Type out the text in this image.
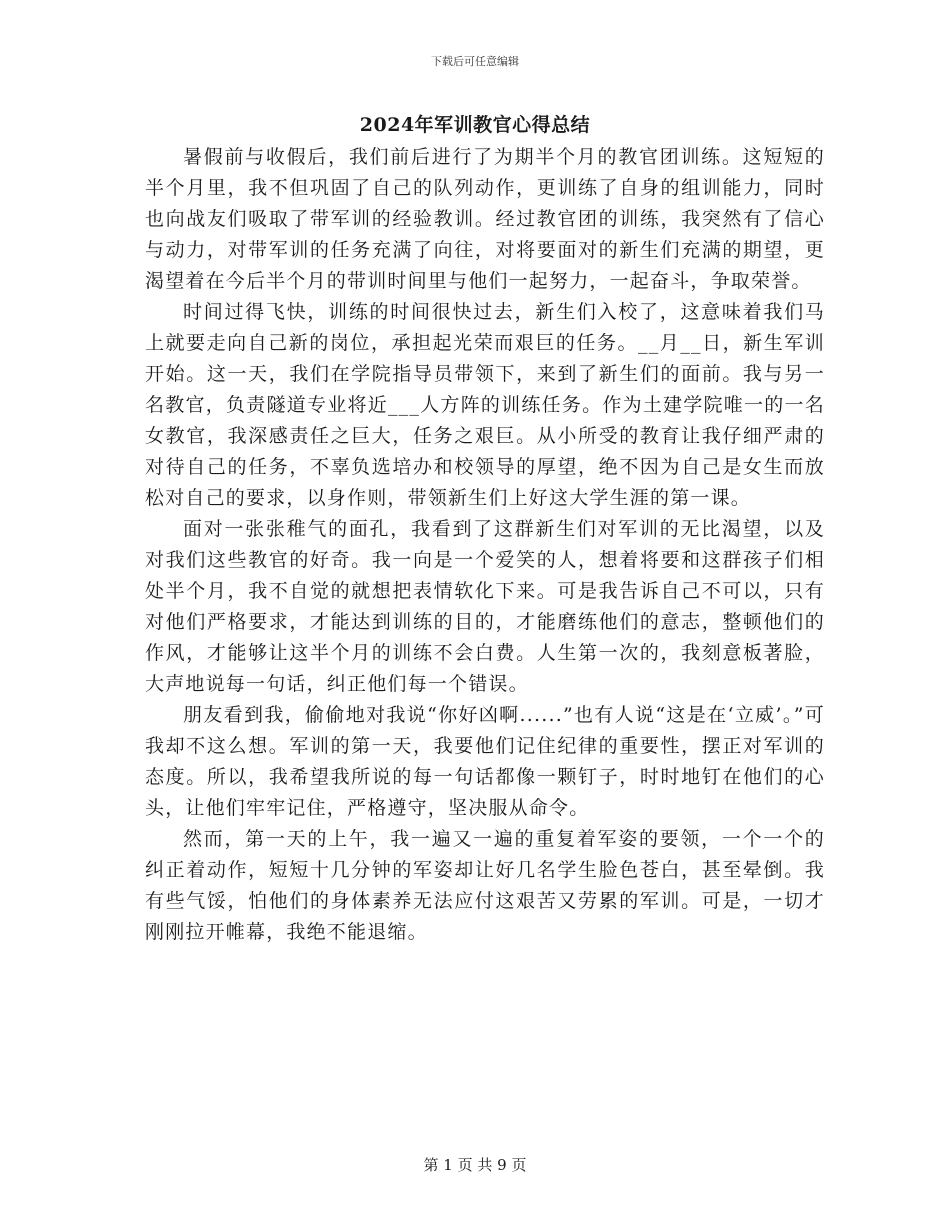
下载后可任意编辑
2024年军训教官心得总结

暑假前与收假后，我们前后进行了为期半个月的教官团训练。这短短的半个月里，我不但巩固了自己的队列动作，更训练了自身的组训能力，同时也向战友们吸取了带军训的经验教训。经过教官团的训练，我突然有了信心与动力，对带军训的任务充满了向往，对将要面对的新生们充满的期望，更渴望着在今后半个月的带训时间里与他们一起努力，一起奋斗，争取荣誉。

时间过得飞快，训练的时间很快过去，新生们入校了，这意味着我们马上就要走向自己新的岗位，承担起光荣而艰巨的任务。__月__日，新生军训开始。这一天，我们在学院指导员带领下，来到了新生们的面前。我与另一名教官，负责隧道专业将近___人方阵的训练任务。作为土建学院唯一的一名女教官，我深感责任之巨大，任务之艰巨。从小所受的教育让我仔细严肃的对待自己的任务，不辜负选培办和校领导的厚望，绝不因为自己是女生而放松对自己的要求，以身作则，带领新生们上好这大学生涯的第一课。

面对一张张稚气的面孔，我看到了这群新生们对军训的无比渴望，以及对我们这些教官的好奇。我一向是一个爱笑的人，想着将要和这群孩子们相处半个月，我不自觉的就想把表情软化下来。可是我告诉自己不可以，只有对他们严格要求，才能达到训练的目的，才能磨练他们的意志，整顿他们的作风，才能够让这半个月的训练不会白费。人生第一次的，我刻意板著脸，大声地说每一句话，纠正他们每一个错误。

朋友看到我，偷偷地对我说“你好凶啊......”也有人说“这是在‘立威’。”可我却不这么想。军训的第一天，我要他们记住纪律的重要性，摆正对军训的态度。所以，我希望我所说的每一句话都像一颗钉子，时时地钉在他们的心头，让他们牢牢记住，严格遵守，坚决服从命令。

然而，第一天的上午，我一遍又一遍的重复着军姿的要领，一个一个的纠正着动作，短短十几分钟的军姿却让好几名学生脸色苍白，甚至晕倒。我有些气馁，怕他们的身体素养无法应付这艰苦又劳累的军训。可是，一切才刚刚拉开帷幕，我绝不能退缩。

第 1 页 共 9 页
